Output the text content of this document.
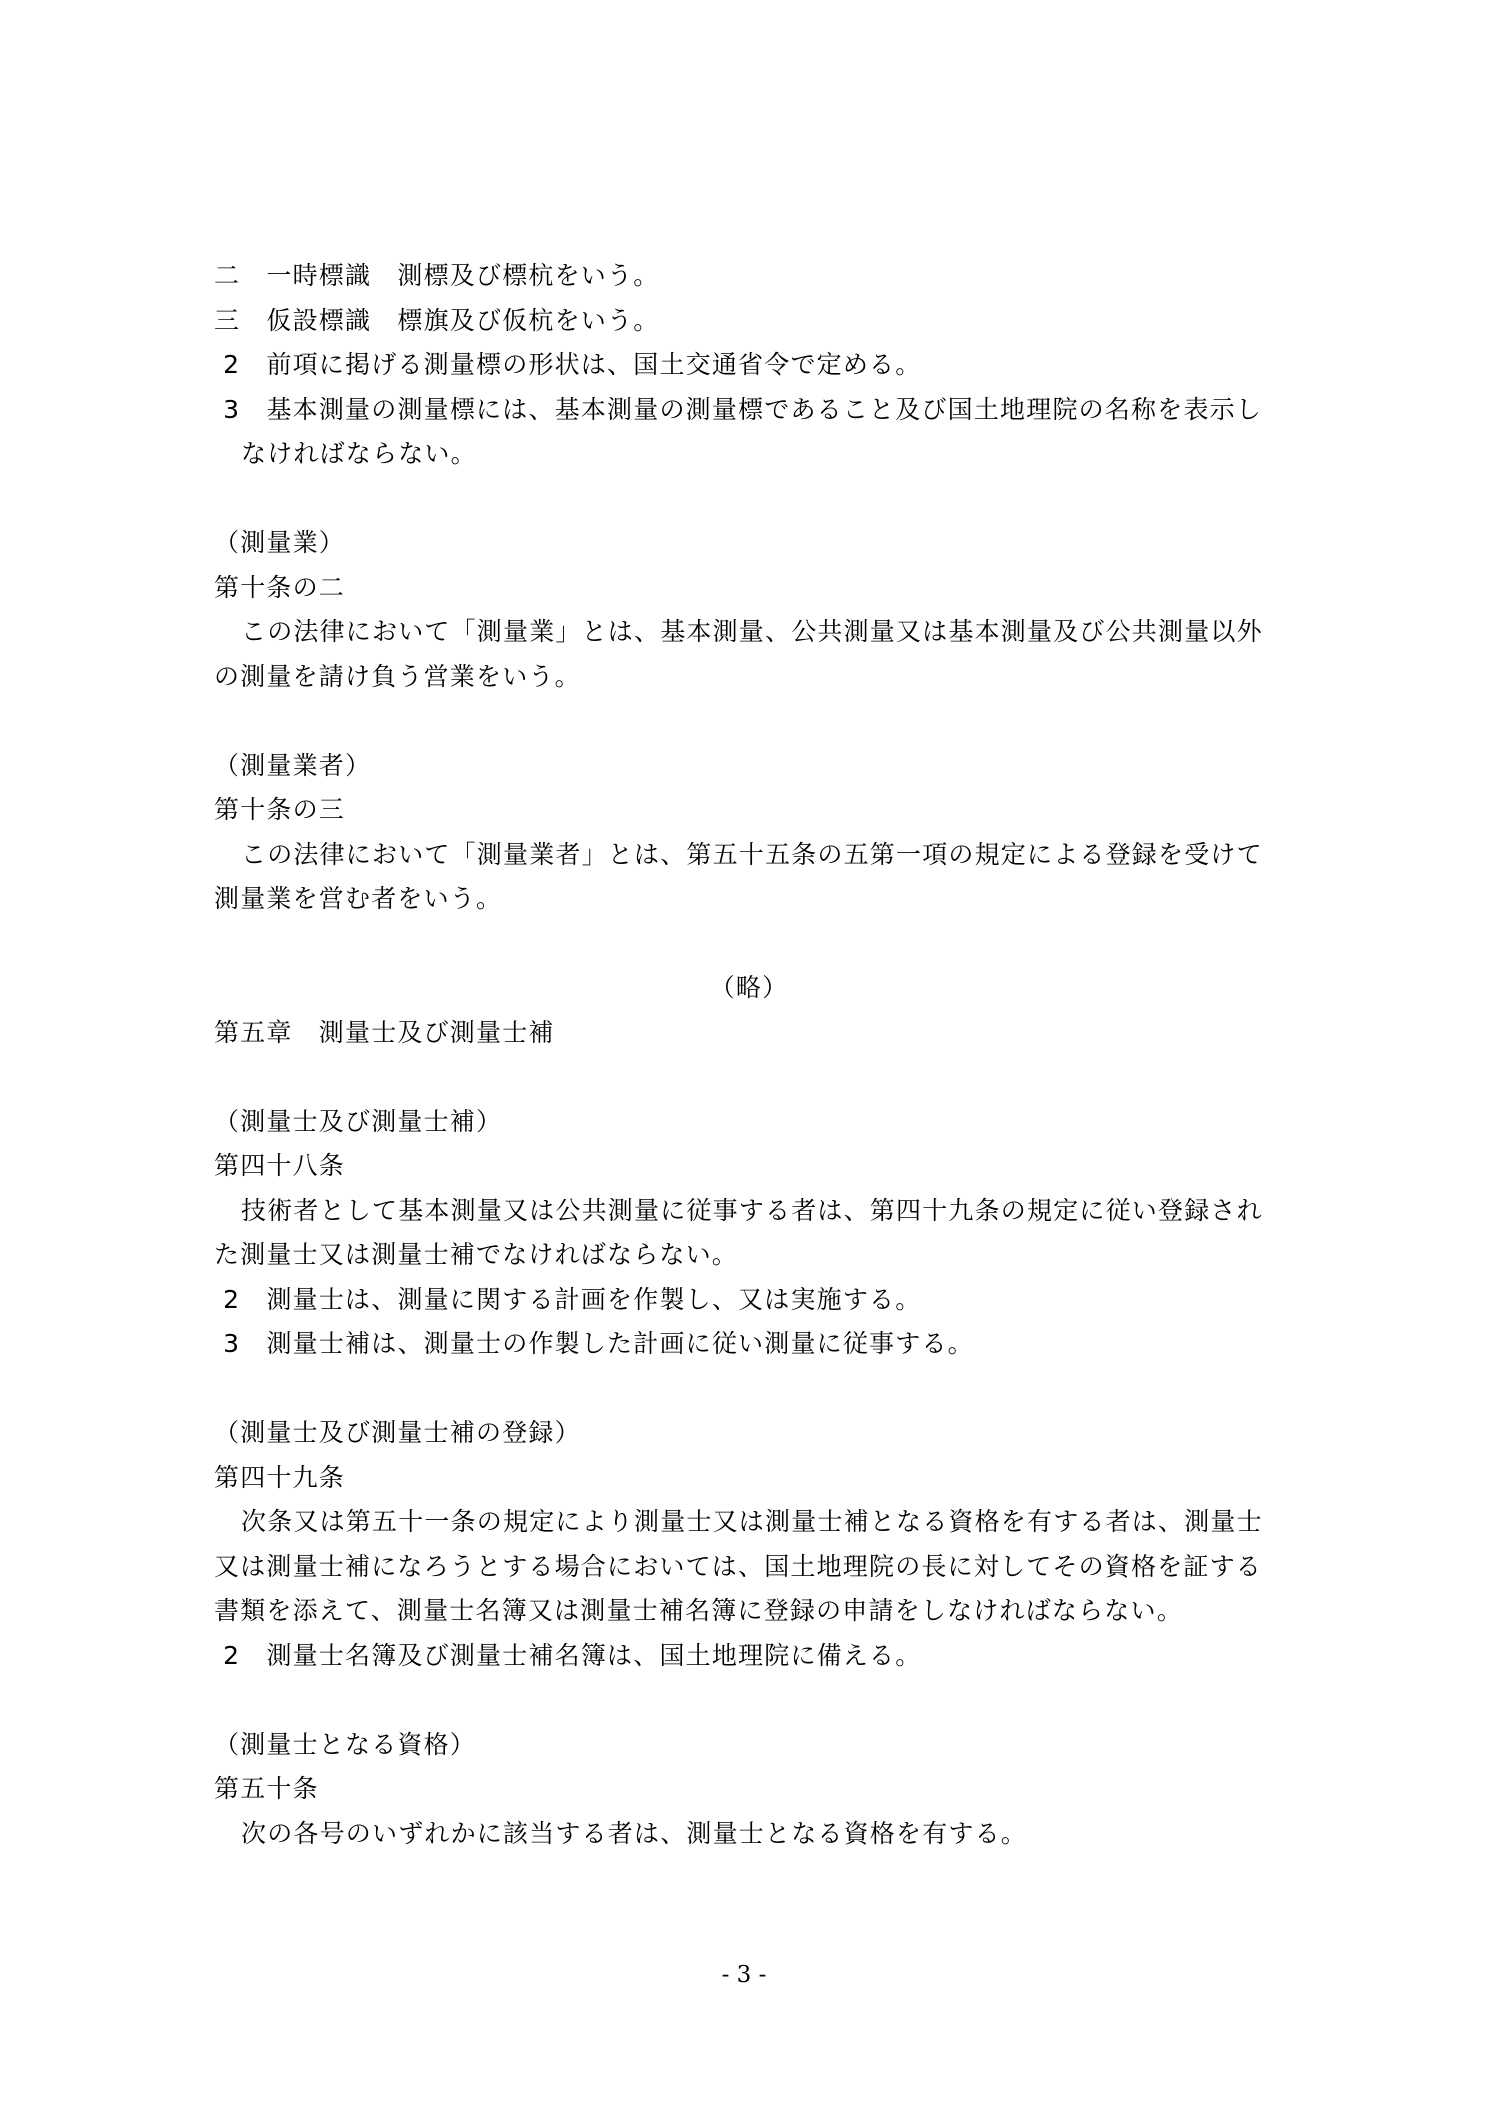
二　一時標識　測標及び標杭をいう。
三　仮設標識　標旗及び仮杭をいう。
2　前項に掲げる測量標の形状は、国土交通省令で定める。
3　基本測量の測量標には、基本測量の測量標であること及び国土地理院の名称を表示し
なければならない。
（測量業）
第十条の二
この法律において「測量業」とは、基本測量、公共測量又は基本測量及び公共測量以外
の測量を請け負う営業をいう。
（測量業者）
第十条の三
この法律において「測量業者」とは、第五十五条の五第一項の規定による登録を受けて
測量業を営む者をいう。
（略）
第五章　測量士及び測量士補
（測量士及び測量士補）
第四十八条
技術者として基本測量又は公共測量に従事する者は、第四十九条の規定に従い登録され
た測量士又は測量士補でなければならない。
2　測量士は、測量に関する計画を作製し、又は実施する。
3　測量士補は、測量士の作製した計画に従い測量に従事する。
（測量士及び測量士補の登録）
第四十九条
次条又は第五十一条の規定により測量士又は測量士補となる資格を有する者は、測量士
又は測量士補になろうとする場合においては、国土地理院の長に対してその資格を証する
書類を添えて、測量士名簿又は測量士補名簿に登録の申請をしなければならない。
2　測量士名簿及び測量士補名簿は、国土地理院に備える。
（測量士となる資格）
第五十条
次の各号のいずれかに該当する者は、測量士となる資格を有する。
- 3 -
